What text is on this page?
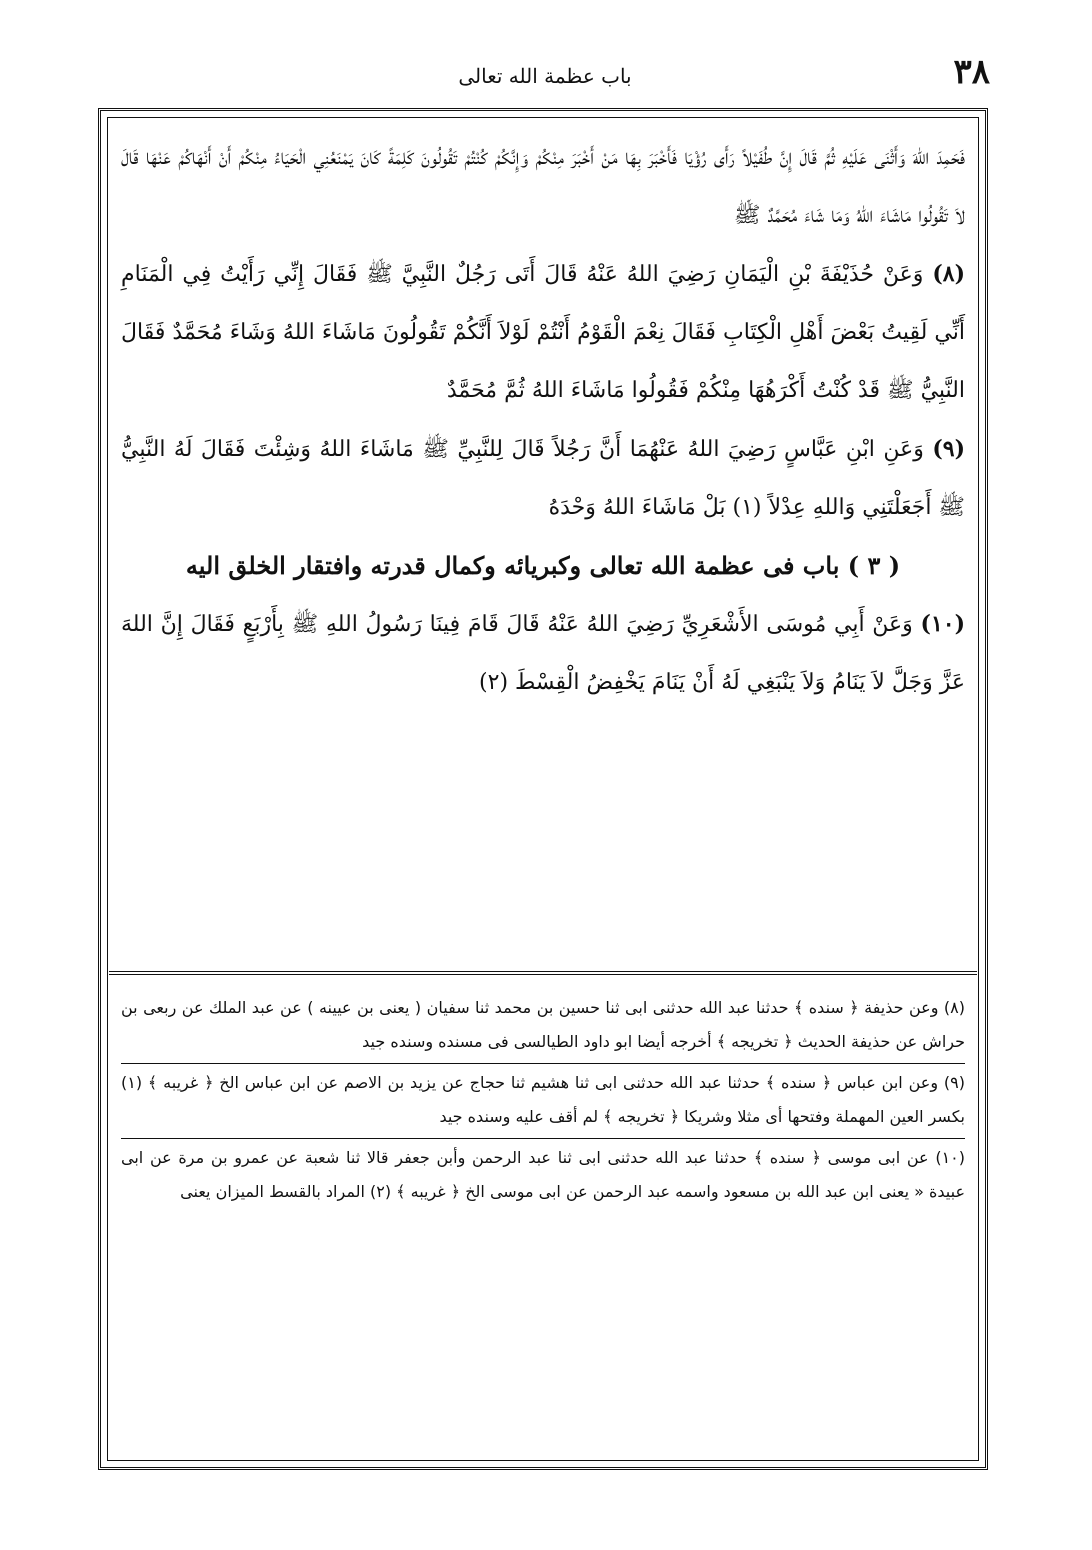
٣٨
باب عظمة الله تعالى

فَحَمِدَ اللهَ وَأَثْنَى عَلَيْهِ ثُمَّ قَالَ إِنَّ طُفَيْلاً رَأَى رُؤْيَا فَأَخْبَرَ بِهَا مَنْ أَخْبَرَ مِنْكُمْ وَإِنَّكُمْ كُنْتُمْ تَقُولُونَ كَلِمَةً كَانَ يَمْنَعُنِي الْحَيَاءُ مِنْكُمْ أَنْ أَنْهَاكُمْ عَنْهَا قَالَ لاَ تَقُولُوا مَاشَاءَ اللهُ وَمَا شَاءَ مُحَمَّدٌ ﷺ

(٨) وَعَنْ حُذَيْفَةَ بْنِ الْيَمَانِ رَضِيَ اللهُ عَنْهُ قَالَ أَتَى رَجُلٌ النَّبِيَّ ﷺ فَقَالَ إِنِّي رَأَيْتُ فِي الْمَنَامِ أَنِّي لَقِيتُ بَعْضَ أَهْلِ الْكِتَابِ فَقَالَ نِعْمَ الْقَوْمُ أَنْتُمْ لَوْلاَ أَنَّكُمْ تَقُولُونَ مَاشَاءَ اللهُ وَشَاءَ مُحَمَّدٌ فَقَالَ النَّبِيُّ ﷺ قَدْ كُنْتُ أَكْرَهُهَا مِنْكُمْ فَقُولُوا مَاشَاءَ اللهُ ثُمَّ مُحَمَّدٌ

(٩) وَعَنِ ابْنِ عَبَّاسٍ رَضِيَ اللهُ عَنْهُمَا أَنَّ رَجُلاً قَالَ لِلنَّبِيِّ ﷺ مَاشَاءَ اللهُ وَشِئْتَ فَقَالَ لَهُ النَّبِيُّ ﷺ أَجَعَلْتَنِي وَاللهِ عِدْلاً (١) بَلْ مَاشَاءَ اللهُ وَحْدَهُ

( ٣ ) باب فى عظمة الله تعالى وكبريائه وكمال قدرته وافتقار الخلق اليه

(١٠) وَعَنْ أَبِي مُوسَى الأَشْعَرِيِّ رَضِيَ اللهُ عَنْهُ قَالَ قَامَ فِينَا رَسُولُ اللهِ ﷺ بِأَرْبَعٍ فَقَالَ إِنَّ اللهَ عَزَّ وَجَلَّ لاَ يَنَامُ وَلاَ يَنْبَغِي لَهُ أَنْ يَنَامَ يَخْفِضُ الْقِسْطَ (٢)

(٨) وعن حذيفة ﴿ سنده ﴾ حدثنا عبد الله حدثنى ابى ثنا حسين بن محمد ثنا سفيان ( يعنى بن عيينه ) عن عبد الملك عن ربعى بن حراش عن حذيفة الحديث ﴿ تخريجه ﴾ أخرجه أيضا ابو داود الطيالسى فى مسنده وسنده جيد

(٩) وعن ابن عباس ﴿ سنده ﴾ حدثنا عبد الله حدثنى ابى ثنا هشيم ثنا حجاج عن يزيد بن الاصم عن ابن عباس الخ ﴿ غريبه ﴾ (١) بكسر العين المهملة وفتحها أى مثلا وشريكا ﴿ تخريجه ﴾ لم أقف عليه وسنده جيد

(١٠) عن ابى موسى ﴿ سنده ﴾ حدثنا عبد الله حدثنى ابى ثنا عبد الرحمن وأبن جعفر قالا ثنا شعبة عن عمرو بن مرة عن ابى عبيدة « يعنى ابن عبد الله بن مسعود واسمه عبد الرحمن عن ابى موسى الخ ﴿ غريبه ﴾ (٢) المراد بالقسط الميزان يعنى
